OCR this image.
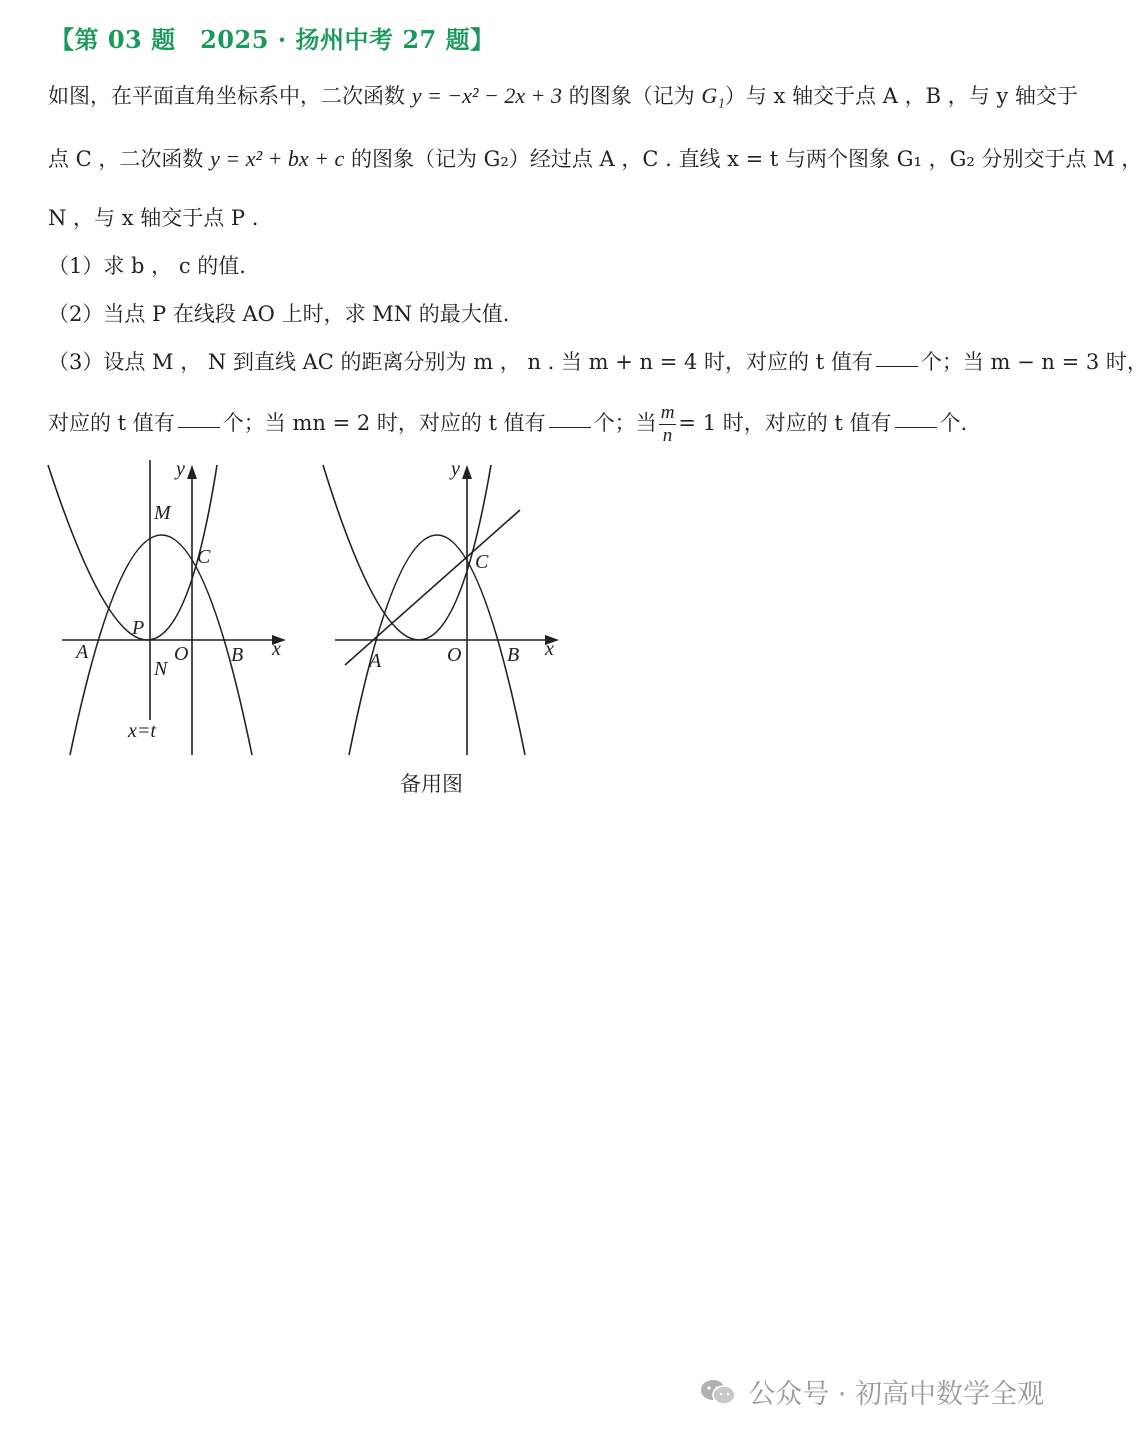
【第 03 题　2025 · 扬州中考 27 题】
如图，在平面直角坐标系中，二次函数 y = −x² − 2x + 3 的图象（记为 G₁）与 x 轴交于点 A ，B ，与 y 轴交于
点 C ，二次函数 y = x² + bx + c 的图象（记为 G₂）经过点 A ，C . 直线 x = t 与两个图象 G₁ ，G₂ 分别交于点 M ，
N ，与 x 轴交于点 P .
（1）求 b ， c 的值.
（2）当点 P 在线段 AO 上时，求 MN 的最大值.
（3）设点 M ， N 到直线 AC 的距离分别为 m ， n . 当 m + n = 4 时，对应的 t 值有 个；当 m − n = 3 时，
对应的 t 值有 个；当 mn = 2 时，对应的 t 值有 个；当 $\frac{m}{n} = 1$ 时，对应的 t 值有 个.
y
x
M
C
P
A
N
O B
x=t
y
x
C
A	O B
备用图
公众号 · 初高中数学全观
